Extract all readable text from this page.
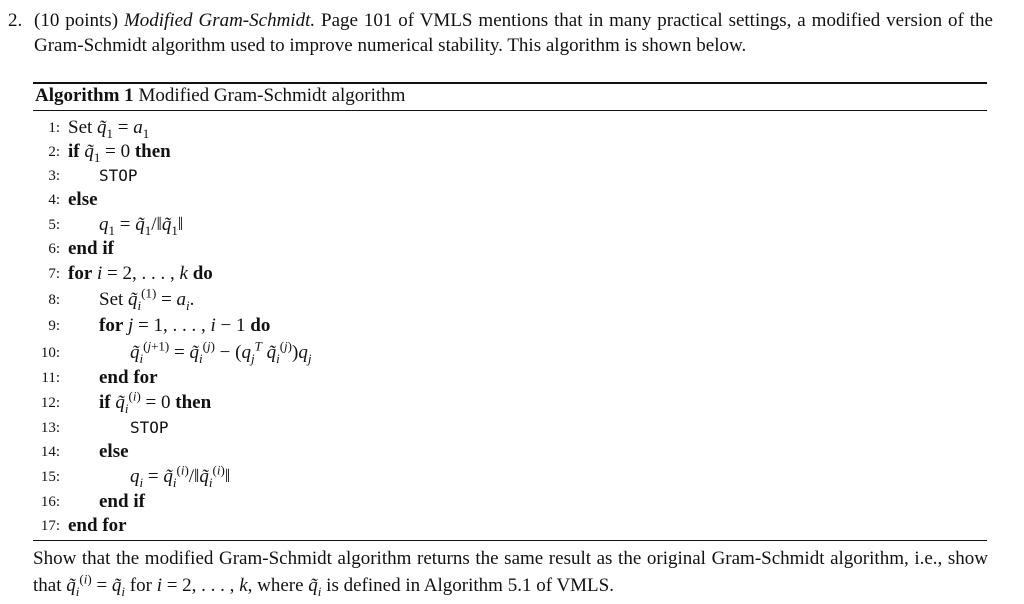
2. (10 points) Modified Gram-Schmidt. Page 101 of VMLS mentions that in many practical settings, a modified version of the Gram-Schmidt algorithm used to improve numerical stability. This algorithm is shown below.
Algorithm 1 Modified Gram-Schmidt algorithm
1: Set $q̃_1 = a_1$
2: if $q̃_1 = 0$ then
3: STOP
4: else
5: $q_1$ = $q̃_1/‖q̃_1‖$
6: end if
7: for i = 2, . . . , k do
8: Set $q̃_i^{(1)} = a_i$.
9: for j = 1, . . . , i − 1 do
10:	$q̃_i^{(j+1)}$ = $q̃_i^{(j)} - (q_j^T$ $q̃_i^{(j)})q_j$
11: end for
12: if $q̃_i^{(i)} = 0$ then
13:	STOP
14: else
15:	$q_i$ = $q̃_i^{(i)}/‖q̃_i^{(i)}‖$
16: end if
17: end for
Show that the modified Gram-Schmidt algorithm returns the same result as the original Gram-Schmidt algorithm, i.e., show that $q̃_i^{(i)}$ = $q̃_i$ for i = 2, . . . , k, where $q̃_i$ is defined in Algorithm 5.1 of VMLS.
